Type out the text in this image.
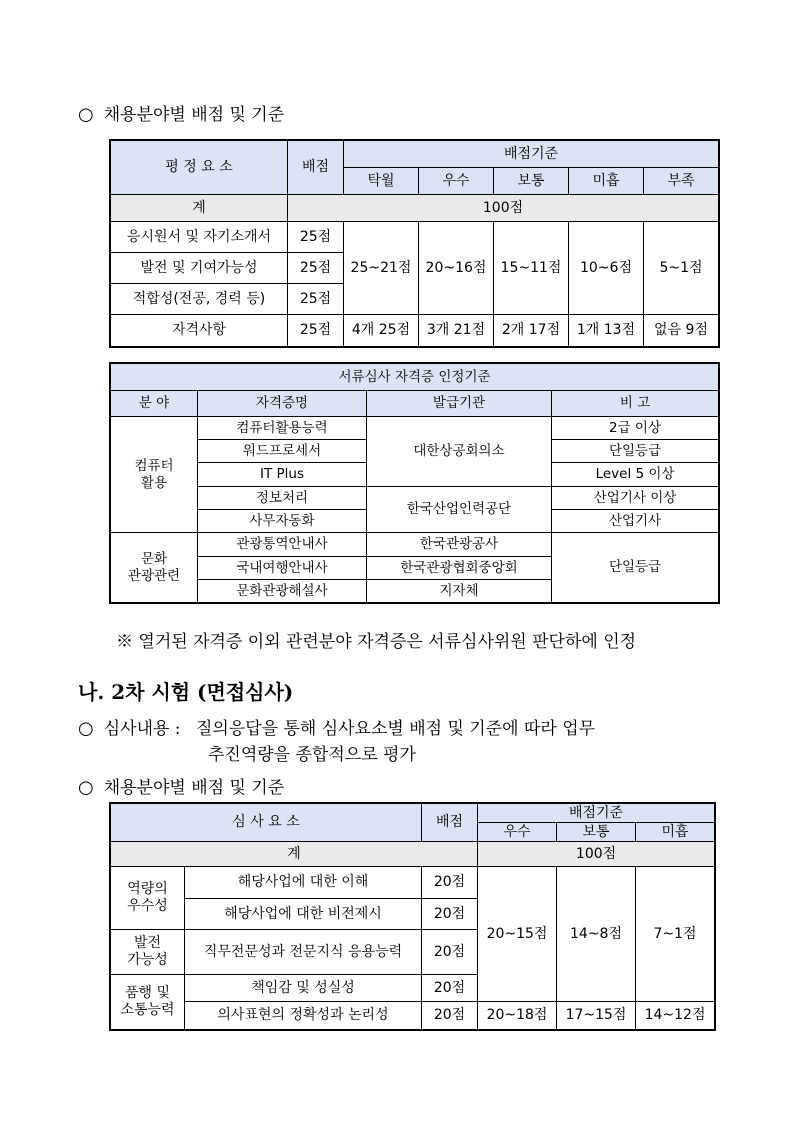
○ 채용분야별 배점 및 기준
평 정 요 소	배점	배점기준				
		탁월	우수	보통	미흡	부족
계	100점					
응시원서 및 자기소개서	25점	25~21점	20~16점	15~11점	10~6점	5~1점
발전 및 기여가능성	25점					
적합성(전공, 경력 등)	25점					
자격사항	25점	4개 25점	3개 21점	2개 17점	1개 13점	없음 9점
서류심사 자격증 인정기준			
분 야	자격증명	발급기관	비 고
컴퓨터
활용	컴퓨터활용능력	대한상공회의소	2급 이상
	워드프로세서		단일등급
	IT Plus		Level 5 이상
	정보처리	한국산업인력공단	산업기사 이상
	사무자동화		산업기사
문화
관광관련	관광통역안내사	한국관광공사	단일등급
	국내여행안내사	한국관광협회중앙회	
	문화관광해설사	지자체	
※ 열거된 자격증 이외 관련분야 자격증은 서류심사위원 판단하에 인정
나. 2차 시험 (면접심사)
○ 심사내용 : 질의응답을 통해 심사요소별 배점 및 기준에 따라 업무
추진역량을 종합적으로 평가
○ 채용분야별 배점 및 기준
심 사 요 소		배점	배점기준		
			우수	보통	미흡
계			100점		
역량의
우수성	해당사업에 대한 이해	20점	20~15점	14~8점	7~1점
	해당사업에 대한 비전제시	20점			
발전
가능성	직무전문성과 전문지식 응용능력	20점			
품행 및
소통능력	책임감 및 성실성	20점			
	의사표현의 정확성과 논리성	20점	20~18점	17~15점	14~12점
